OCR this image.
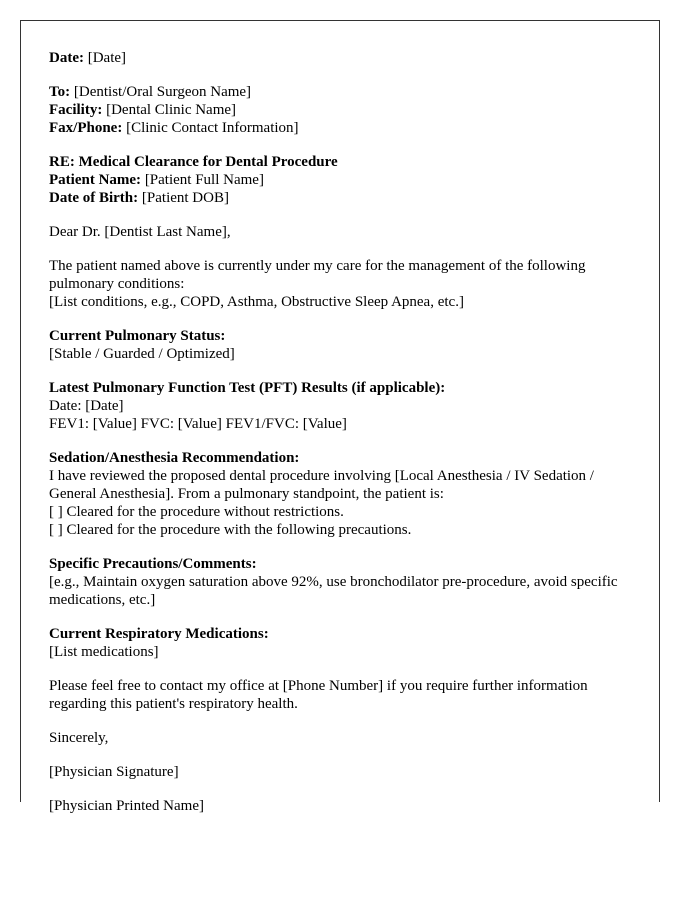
Date: [Date]
To: [Dentist/Oral Surgeon Name]
Facility: [Dental Clinic Name]
Fax/Phone: [Clinic Contact Information]
RE: Medical Clearance for Dental Procedure
Patient Name: [Patient Full Name]
Date of Birth: [Patient DOB]
Dear Dr. [Dentist Last Name],
The patient named above is currently under my care for the management of the following pulmonary conditions:
[List conditions, e.g., COPD, Asthma, Obstructive Sleep Apnea, etc.]
Current Pulmonary Status:
[Stable / Guarded / Optimized]
Latest Pulmonary Function Test (PFT) Results (if applicable):
Date: [Date]
FEV1: [Value] FVC: [Value] FEV1/FVC: [Value]
Sedation/Anesthesia Recommendation:
I have reviewed the proposed dental procedure involving [Local Anesthesia / IV Sedation / General Anesthesia]. From a pulmonary standpoint, the patient is:
[ ] Cleared for the procedure without restrictions.
[ ] Cleared for the procedure with the following precautions.
Specific Precautions/Comments:
[e.g., Maintain oxygen saturation above 92%, use bronchodilator pre-procedure, avoid specific medications, etc.]
Current Respiratory Medications:
[List medications]
Please feel free to contact my office at [Phone Number] if you require further information regarding this patient's respiratory health.
Sincerely,
[Physician Signature]
[Physician Printed Name]
